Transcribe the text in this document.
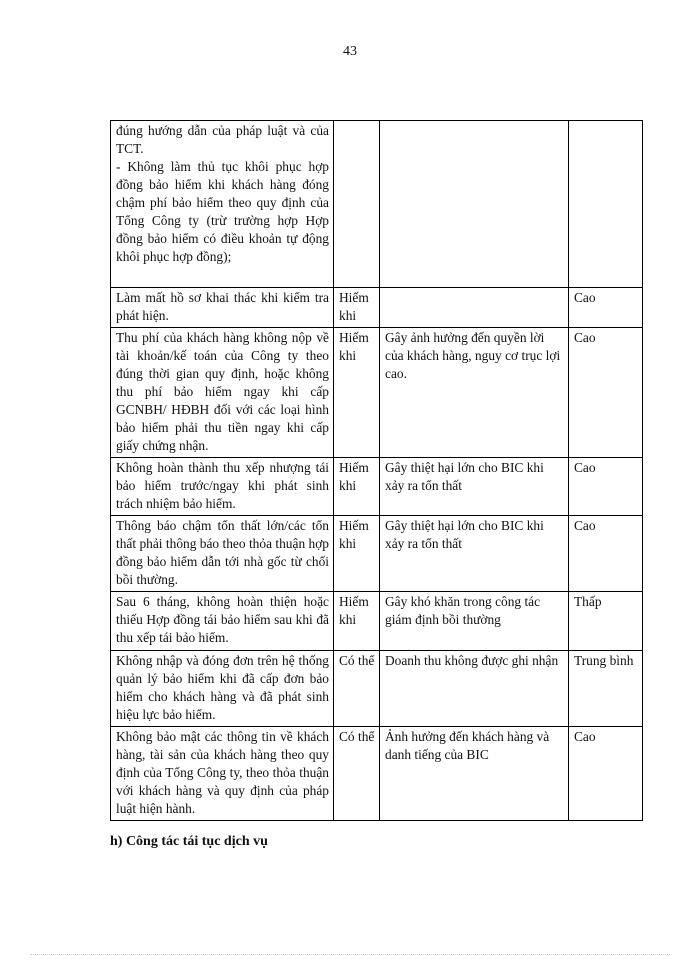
43
đúng hướng dẫn của pháp luật và của TCT.
- Không làm thủ tục khôi phục hợp đồng bảo hiểm khi khách hàng đóng chậm phí bảo hiểm theo quy định của Tổng Công ty (trừ trường hợp Hợp đồng bảo hiểm có điều khoản tự động khôi phục hợp đồng);			

Làm mất hồ sơ khai thác khi kiểm tra phát hiện.	Hiếm khi		Cao
Thu phí của khách hàng không nộp về tài khoản/kế toán của Công ty theo đúng thời gian quy định, hoặc không thu phí bảo hiểm ngay khi cấp GCNBH/ HĐBH đối với các loại hình bảo hiểm phải thu tiền ngay khi cấp giấy chứng nhận.	Hiếm khi	Gây ảnh hưởng đến quyền lời của khách hàng, nguy cơ trục lợi cao.	Cao
Không hoàn thành thu xếp nhượng tái bảo hiểm trước/ngay khi phát sinh trách nhiệm bảo hiểm.	Hiếm khi	Gây thiệt hại lớn cho BIC khi xảy ra tổn thất	Cao
Thông báo chậm tổn thất lớn/các tổn thất phải thông báo theo thỏa thuận hợp đồng bảo hiểm dẫn tới nhà gốc từ chối bồi thường.	Hiếm khi	Gây thiệt hại lớn cho BIC khi xảy ra tổn thất	Cao
Sau 6 tháng, không hoàn thiện hoặc thiếu Hợp đồng tái bảo hiểm sau khi đã thu xếp tái bảo hiểm.	Hiếm khi	Gây khó khăn trong công tác giám định bồi thường	Thấp
Không nhập và đóng đơn trên hệ thống quản lý bảo hiểm khi đã cấp đơn bảo hiểm cho khách hàng và đã phát sinh hiệu lực bảo hiểm.	Có thể	Doanh thu không được ghi nhận	Trung bình
Không bảo mật các thông tin về khách hàng, tài sản của khách hàng theo quy định của Tổng Công ty, theo thỏa thuận với khách hàng và quy định của pháp luật hiện hành.	Có thể	Ảnh hưởng đến khách hàng và danh tiếng của BIC	Cao
h) Công tác tái tục dịch vụ
